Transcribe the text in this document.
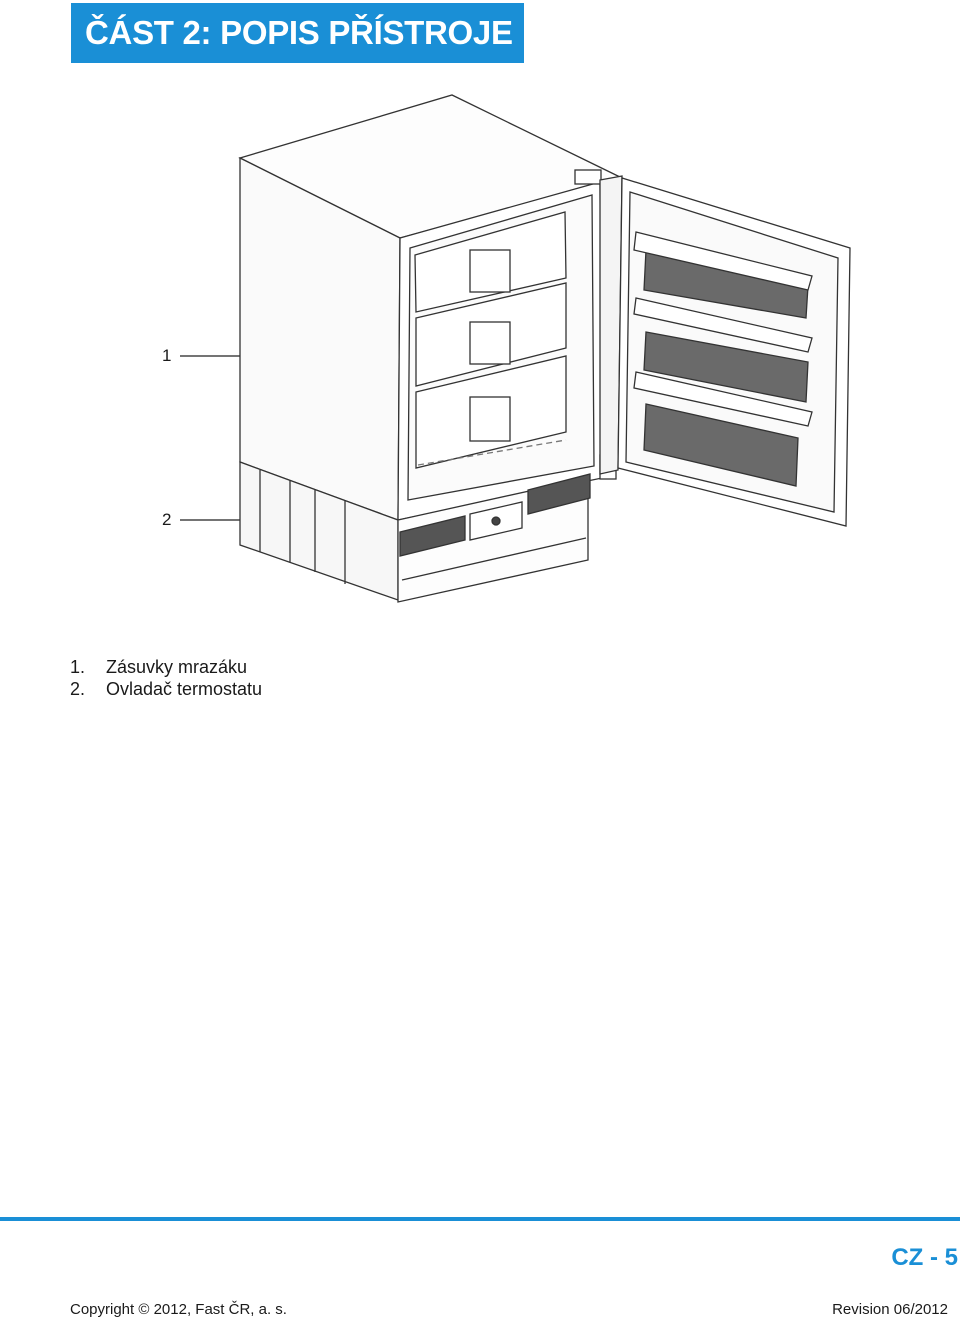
ČÁST 2: POPIS PŘÍSTROJE
1
2
1.	Zásuvky mrazáku
2.	Ovladač termostatu
CZ - 5
Copyright © 2012, Fast ČR, a. s.	Revision 06/2012
